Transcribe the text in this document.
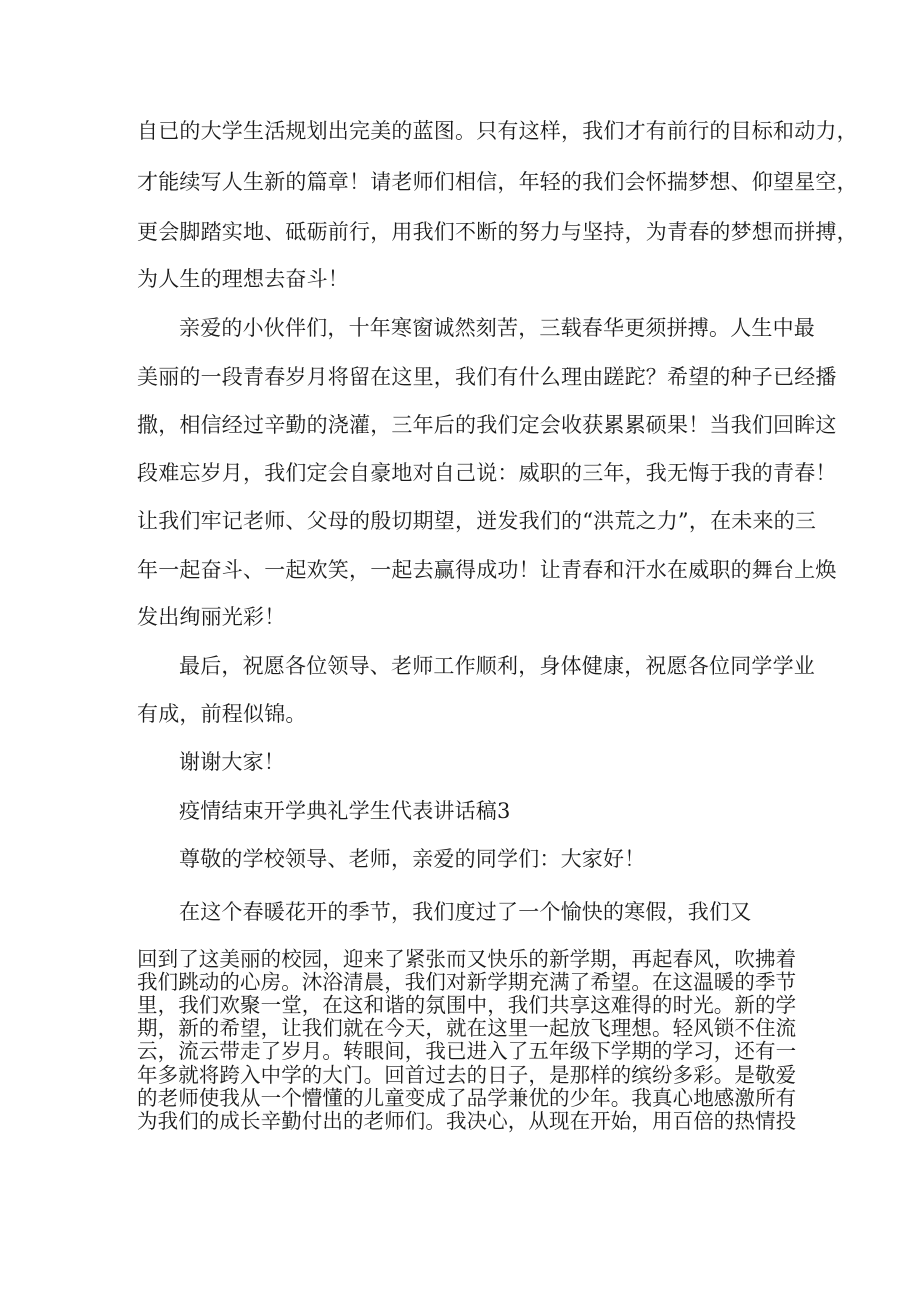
自已的大学生活规划出完美的蓝图。只有这样，我们才有前行的目标和动力，
才能续写人生新的篇章！请老师们相信，年轻的我们会怀揣梦想、仰望星空，
更会脚踏实地、砥砺前行，用我们不断的努力与坚持，为青春的梦想而拼搏，
为人生的理想去奋斗！
亲爱的小伙伴们，十年寒窗诚然刻苦，三载春华更须拼搏。人生中最
美丽的一段青春岁月将留在这里，我们有什么理由蹉跎？希望的种子已经播
撒，相信经过辛勤的浇灌，三年后的我们定会收获累累硕果！当我们回眸这
段难忘岁月，我们定会自豪地对自己说：威职的三年，我无悔于我的青春！
让我们牢记老师、父母的殷切期望，迸发我们的“洪荒之力”，在未来的三
年一起奋斗、一起欢笑，一起去赢得成功！让青春和汗水在威职的舞台上焕
发出绚丽光彩！
最后，祝愿各位领导、老师工作顺利，身体健康，祝愿各位同学学业
有成，前程似锦。
谢谢大家！
疫情结束开学典礼学生代表讲话稿3
尊敬的学校领导、老师，亲爱的同学们：大家好！
在这个春暖花开的季节，我们度过了一个愉快的寒假，我们又
回到了这美丽的校园，迎来了紧张而又快乐的新学期，再起春风，吹拂着
我们跳动的心房。沐浴清晨，我们对新学期充满了希望。在这温暖的季节
里，我们欢聚一堂，在这和谐的氛围中，我们共享这难得的时光。新的学
期，新的希望，让我们就在今天，就在这里一起放飞理想。轻风锁不住流
云，流云带走了岁月。转眼间，我已进入了五年级下学期的学习，还有一
年多就将跨入中学的大门。回首过去的日子，是那样的缤纷多彩。是敬爱
的老师使我从一个懵懂的儿童变成了品学兼优的少年。我真心地感激所有
为我们的成长辛勤付出的老师们。我决心，从现在开始，用百倍的热情投
